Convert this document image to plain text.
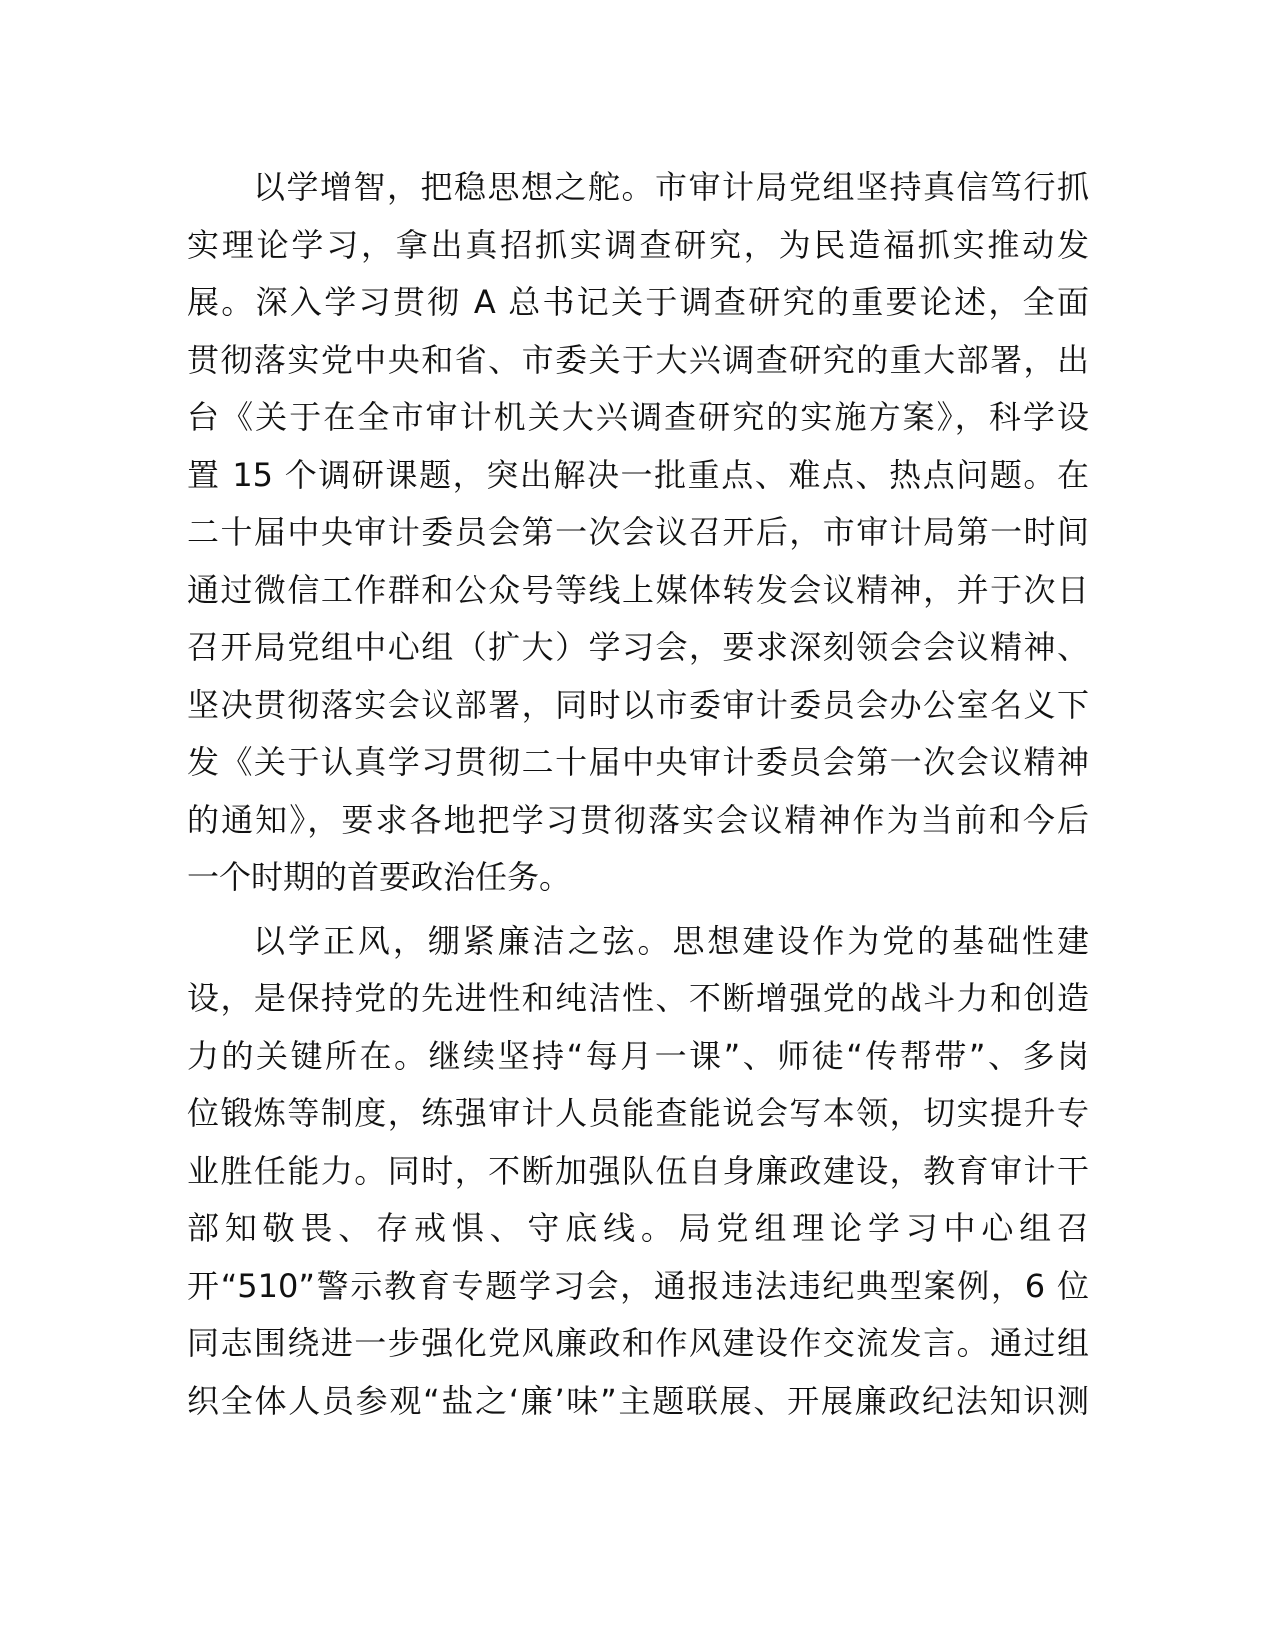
以学增智，把稳思想之舵。市审计局党组坚持真信笃行抓
实理论学习，拿出真招抓实调查研究，为民造福抓实推动发
展。深入学习贯彻 A 总书记关于调查研究的重要论述，全面
贯彻落实党中央和省、市委关于大兴调查研究的重大部署，出
台《关于在全市审计机关大兴调查研究的实施方案》，科学设
置 15 个调研课题，突出解决一批重点、难点、热点问题。在
二十届中央审计委员会第一次会议召开后，市审计局第一时间
通过微信工作群和公众号等线上媒体转发会议精神，并于次日
召开局党组中心组（扩大）学习会，要求深刻领会会议精神、
坚决贯彻落实会议部署，同时以市委审计委员会办公室名义下
发《关于认真学习贯彻二十届中央审计委员会第一次会议精神
的通知》，要求各地把学习贯彻落实会议精神作为当前和今后
一个时期的首要政治任务。
以学正风，绷紧廉洁之弦。思想建设作为党的基础性建
设，是保持党的先进性和纯洁性、不断增强党的战斗力和创造
力的关键所在。继续坚持“每月一课”、师徒“传帮带”、多岗
位锻炼等制度，练强审计人员能查能说会写本领，切实提升专
业胜任能力。同时，不断加强队伍自身廉政建设，教育审计干
部知敬畏、存戒惧、守底线。局党组理论学习中心组召
开“510”警示教育专题学习会，通报违法违纪典型案例，6 位
同志围绕进一步强化党风廉政和作风建设作交流发言。通过组
织全体人员参观“盐之‘廉’味”主题联展、开展廉政纪法知识测
